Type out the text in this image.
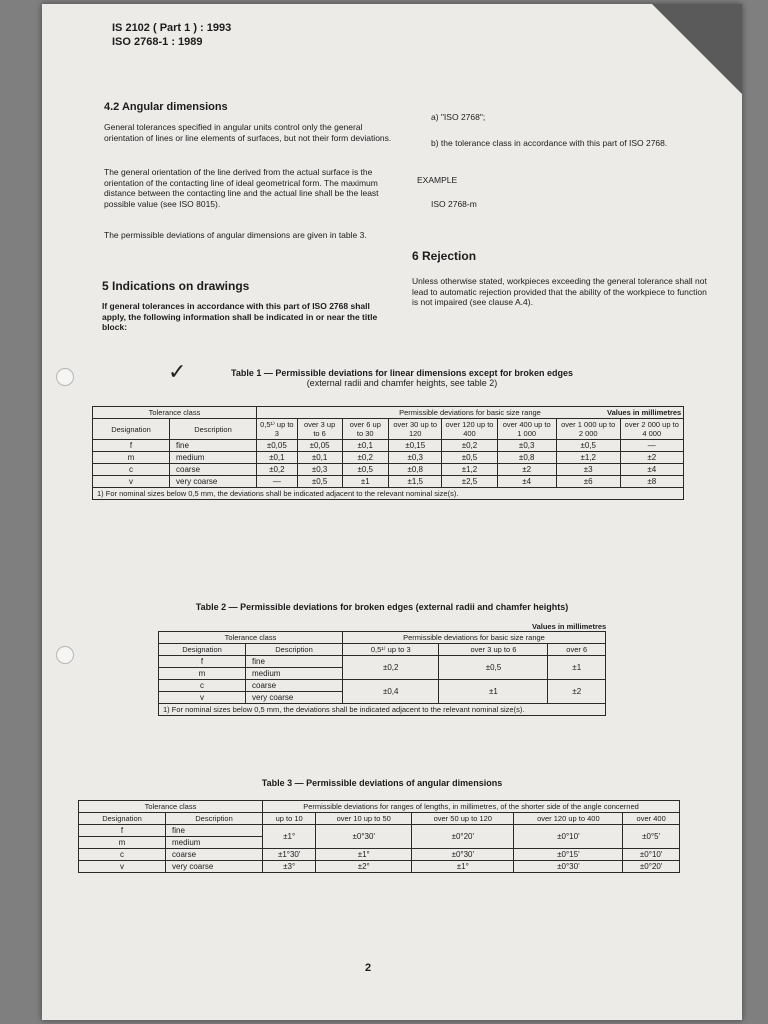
IS 2102 ( Part 1 ) : 1993
ISO 2768-1 : 1989
4.2 Angular dimensions
General tolerances specified in angular units control only the general orientation of lines or line elements of surfaces, but not their form deviations.
The general orientation of the line derived from the actual surface is the orientation of the contacting line of ideal geometrical form. The maximum distance between the contacting line and the actual line shall be the least possible value (see ISO 8015).
The permissible deviations of angular dimensions are given in table 3.
5 Indications on drawings
If general tolerances in accordance with this part of ISO 2768 shall apply, the following information shall be indicated in or near the title block:
a) "ISO 2768";
b) the tolerance class in accordance with this part of ISO 2768.
EXAMPLE
ISO 2768-m
6 Rejection
Unless otherwise stated, workpieces exceeding the general tolerance shall not lead to automatic rejection provided that the ability of the workpiece to function is not impaired (see clause A.4).
✓	Table 1 — Permissible deviations for linear dimensions except for broken edges
(external radii and chamfer heights, see table 2)
Values in millimetres
Tolerance class		Permissible deviations for basic size range							
Designation	Description	0,5¹⁾ up to 3	over 3 up to 6	over 6 up to 30	over 30 up to 120	over 120 up to 400	over 400 up to 1 000	over 1 000 up to 2 000	over 2 000 up to 4 000
f	fine	±0,05	±0,05	±0,1	±0,15	±0,2	±0,3	±0,5	—
m	medium	±0,1	±0,1	±0,2	±0,3	±0,5	±0,8	±1,2	±2
c	coarse	±0,2	±0,3	±0,5	±0,8	±1,2	±2	±3	±4
v	very coarse	—	±0,5	±1	±1,5	±2,5	±4	±6	±8
1) For nominal sizes below 0,5 mm, the deviations shall be indicated adjacent to the relevant nominal size(s).									
Table 2 — Permissible deviations for broken edges (external radii and chamfer heights)
Values in millimetres
Tolerance class		Permissible deviations for basic size range		
Designation	Description	0,5¹⁾ up to 3	over 3 up to 6	over 6
f	fine	±0,2	±0,5	±1
m	medium			
c	coarse	±0,4	±1	±2
v	very coarse			
1) For nominal sizes below 0,5 mm, the deviations shall be indicated adjacent to the relevant nominal size(s).				
Table 3 — Permissible deviations of angular dimensions
Tolerance class		Permissible deviations for ranges of lengths, in millimetres, of the shorter side of the angle concerned				
Designation	Description	up to 10	over 10 up to 50	over 50 up to 120	over 120 up to 400	over 400
f	fine	±1°	±0°30'	±0°20'	±0°10'	±0°5'
m	medium					
c	coarse	±1°30'	±1°	±0°30'	±0°15'	±0°10'
v	very coarse	±3°	±2°	±1°	±0°30'	±0°20'
2
